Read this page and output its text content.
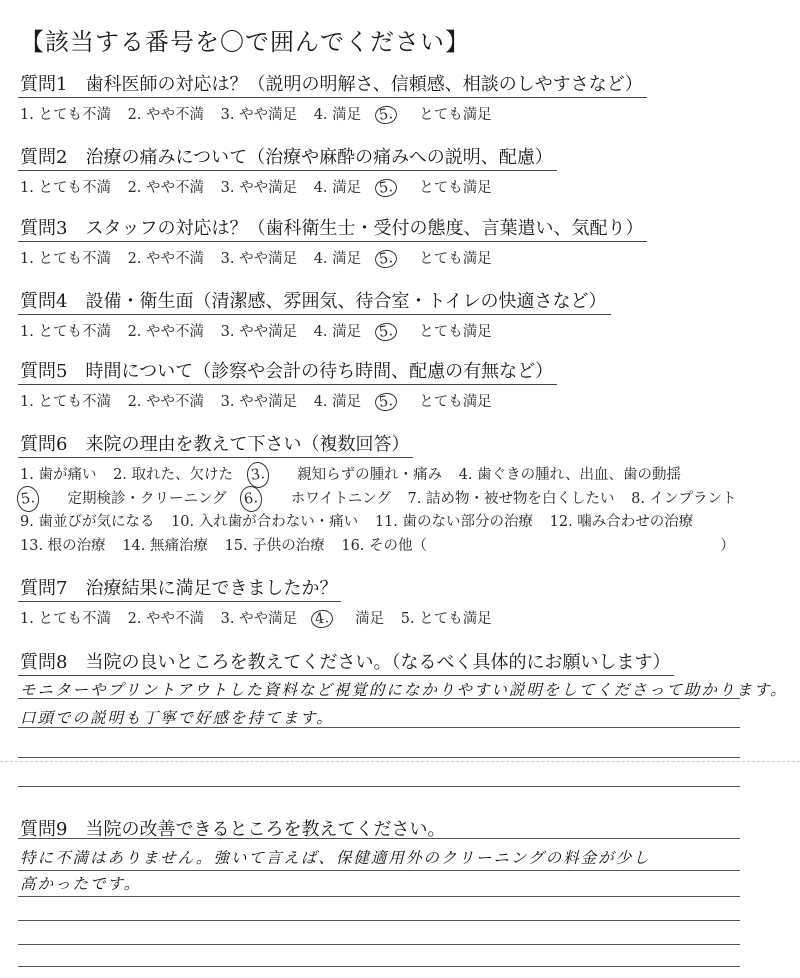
【該当する番号を〇で囲んでください】
質問1　歯科医師の対応は？（説明の明解さ、信頼感、相談のしやすさなど）
1. とても不満 2. やや不満 3. やや満足 4. 満足 5. とても満足
質問2　治療の痛みについて（治療や麻酔の痛みへの説明、配慮）
1. とても不満 2. やや不満 3. やや満足 4. 満足 5. とても満足
質問3　スタッフの対応は？（歯科衛生士・受付の態度、言葉遣い、気配り）
1. とても不満 2. やや不満 3. やや満足 4. 満足 5. とても満足
質問4　設備・衛生面（清潔感、雰囲気、待合室・トイレの快適さなど）
1. とても不満 2. やや不満 3. やや満足 4. 満足 5. とても満足
質問5　時間について（診察や会計の待ち時間、配慮の有無など）
1. とても不満 2. やや不満 3. やや満足 4. 満足 5. とても満足
質問6　来院の理由を教えて下さい（複数回答）
1. 歯が痛い 2. 取れた、欠けた 3. 親知らずの腫れ・痛み 4. 歯ぐきの腫れ、出血、歯の動揺
5. 定期検診・クリーニング 6. ホワイトニング 7. 詰め物・被せ物を白くしたい 8. インプラント
9. 歯並びが気になる 10. 入れ歯が合わない・痛い 11. 歯のない部分の治療 12. 噛み合わせの治療
13. 根の治療 14. 無痛治療 15. 子供の治療 16. その他（	）
質問7　治療結果に満足できましたか？
1. とても不満 2. やや不満 3. やや満足 4. 満足 5. とても満足
質問8　当院の良いところを教えてください。（なるべく具体的にお願いします）
モニターやプリントアウトした資料など視覚的になかりやすい説明をしてくださって助かります。
口頭での説明も丁寧で好感を持てます。
質問9　当院の改善できるところを教えてください。
特に不満はありません。強いて言えば、保健適用外のクリーニングの料金が少し
高かったです。
